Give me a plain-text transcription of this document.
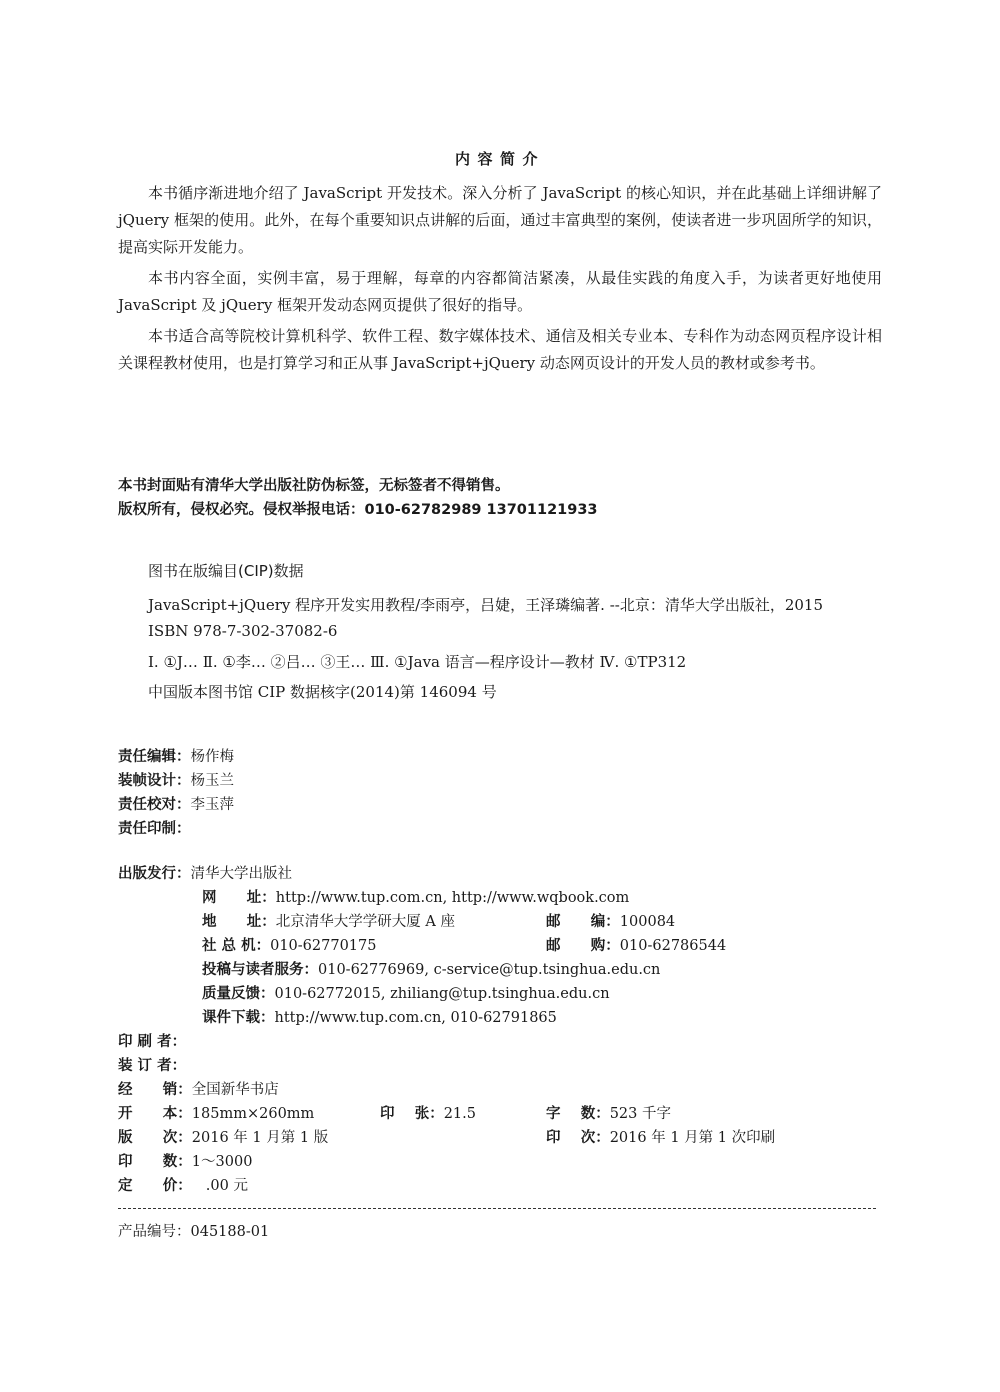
内容简介

本书循序渐进地介绍了 JavaScript 开发技术。深入分析了 JavaScript 的核心知识，并在此基础上详细讲解了 jQuery 框架的使用。此外，在每个重要知识点讲解的后面，通过丰富典型的案例，使读者进一步巩固所学的知识，提高实际开发能力。

本书内容全面，实例丰富，易于理解，每章的内容都简洁紧凑，从最佳实践的角度入手，为读者更好地使用 JavaScript 及 jQuery 框架开发动态网页提供了很好的指导。

本书适合高等院校计算机科学、软件工程、数字媒体技术、通信及相关专业本、专科作为动态网页程序设计相关课程教材使用，也是打算学习和正从事 JavaScript+jQuery 动态网页设计的开发人员的教材或参考书。

本书封面贴有清华大学出版社防伪标签，无标签者不得销售。
版权所有，侵权必究。侵权举报电话：010-62782989 13701121933
图书在版编目(CIP)数据
JavaScript+jQuery 程序开发实用教程/李雨亭，吕婕，王泽璘编著. --北京：清华大学出版社，2015
ISBN 978-7-302-37082-6
Ⅰ. ①J… Ⅱ. ①李… ②吕… ③王… Ⅲ. ①Java 语言—程序设计—教材 Ⅳ. ①TP312
中国版本图书馆 CIP 数据核字(2014)第 146094 号
责任编辑：杨作梅
装帧设计：杨玉兰
责任校对：李玉萍
责任印制：
出版发行：清华大学出版社
网      址：http://www.tup.com.cn, http://www.wqbook.com
地      址：北京清华大学学研大厦 A 座	邮      编：100084
社 总 机：010-62770175	邮      购：010-62786544
投稿与读者服务：010-62776969, c-service@tup.tsinghua.edu.cn
质量反馈：010-62772015, zhiliang@tup.tsinghua.edu.cn
课件下载：http://www.tup.com.cn, 010-62791865
印 刷 者：
装 订 者：
经      销：全国新华书店
开      本：185mm×260mm	印    张：21.5	字    数：523 千字
版      次：2016 年 1 月第 1 版	印    次：2016 年 1 月第 1 次印刷
印      数：1～3000
定      价： .00 元
产品编号：045188-01
